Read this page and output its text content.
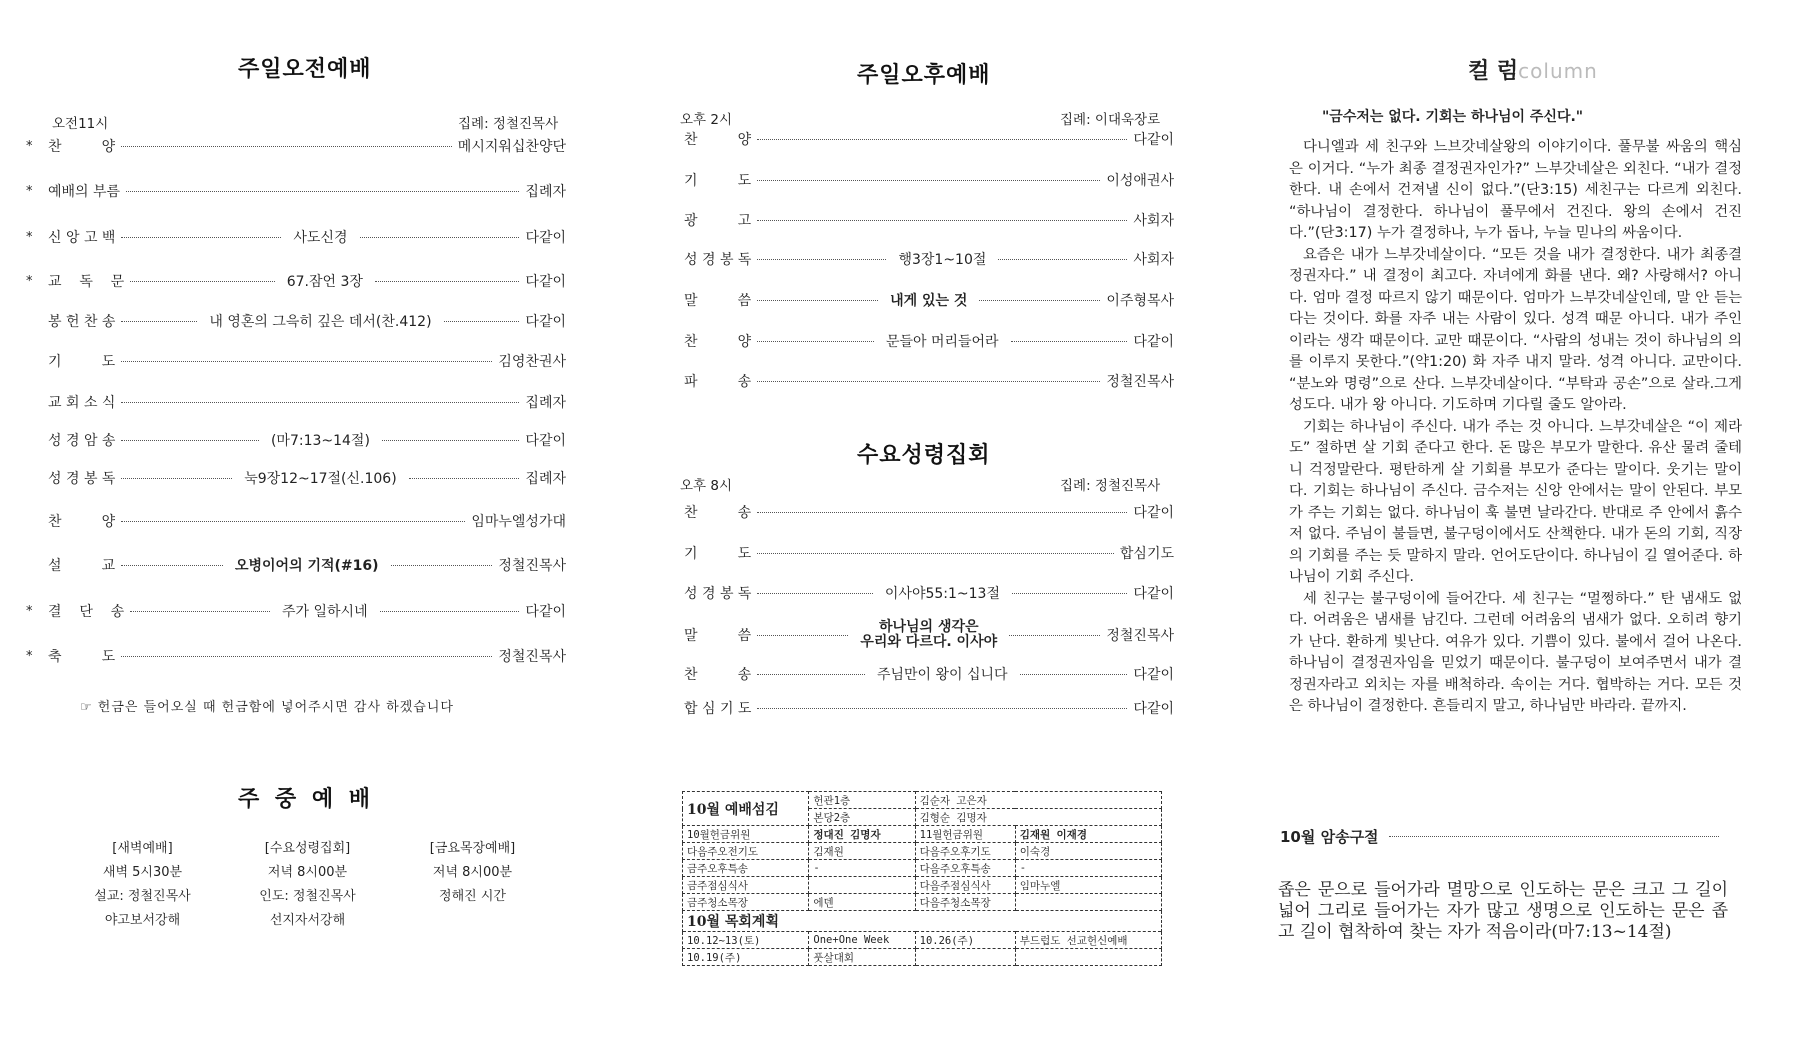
주일오전예배
오전11시	집례: 정철진목사
*	찬         양	메시지워십찬양단
*	예배의 부름	집례자
*	신 앙 고 백	사도신경	다같이
*	교    독    문	67.잠언 3장	다같이
봉 헌 찬 송	내 영혼의 그윽히 깊은 데서(찬.412)	다같이
기         도	김영찬권사
교 회 소 식	집례자
성 경 암 송	(마7:13~14절)	다같이
성 경 봉 독	눅9장12~17절(신.106)	집례자
찬         양	임마누엘성가대
설         교	오병이어의 기적(#16)	정철진목사
*	결    단    송	주가 일하시네	다같이
*	축         도	정철진목사
☞ 헌금은 들어오실 때 헌금함에 넣어주시면 감사 하겠습니다
주 중 예 배
[새벽예배]
새벽 5시30분
설교: 정철진목사
야고보서강해
[수요성령집회]
저녁 8시00분
인도: 정철진목사
선지자서강해
[금요목장예배]
저녁 8시00분
정해진 시간
주일오후예배
오후 2시	집례: 이대욱장로
찬         양	다같이
기         도	이성애권사
광         고	사회자
성 경 봉 독	행3장1~10절	사회자
말         씀	내게 있는 것	이주형목사
찬         양	문들아 머리들어라	다같이
파         송	정철진목사
수요성령집회
오후 8시	집례: 정철진목사
찬         송	다같이
기         도	합심기도
성 경 봉 독	이사야55:1~13절	다같이
말         씀
하나님의 생각은
우리와 다르다. 이사야	정철진목사
찬         송	주님만이 왕이 십니다	다같이
합 심 기 도	다같이
10월 예배섬김	헌관1층	김순자 고은자	
	본당2층	김형순 김명자	
10월헌금위원	정대진 김명자	11월헌금위원	김재원 이재경
다음주오전기도	김재원	다음주오후기도	이숙경
금주오후특송	-	다음주오후특송	-
금주점심식사		다음주점심식사	임마누엘
금주청소목장	에덴	다음주청소목장	
10월 목회계획			
10.12~13(토)	One+One Week	10.26(주)	부드럽도 선교헌신예배
10.19(주)	풋살대회		
컬 럼column
"금수저는 없다. 기회는 하나님이 주신다."

다니엘과 세 친구와 느브갓네살왕의 이야기이다. 풀무불 싸움의 핵심은 이거다. “누가 최종 결정권자인가?” 느부갓네살은 외친다. “내가 결정한다. 내 손에서 건져낼 신이 없다.”(단3:15) 세친구는 다르게 외친다. “하나님이 결정한다. 하나님이 풀무에서 건진다. 왕의 손에서 건진다.”(단3:17) 누가 결정하나, 누가 돕나, 누늘 믿나의 싸움이다.

요즘은 내가 느부갓네살이다. “모든 것을 내가 결정한다. 내가 최종결정권자다.” 내 결정이 최고다. 자녀에게 화를 낸다. 왜? 사랑해서? 아니다. 엄마 결정 따르지 않기 때문이다. 엄마가 느부갓네살인데, 말 안 듣는다는 것이다. 화를 자주 내는 사람이 있다. 성격 때문 아니다. 내가 주인이라는 생각 때문이다. 교만 때문이다. “사람의 성내는 것이 하나님의 의를 이루지 못한다.”(약1:20) 화 자주 내지 말라. 성격 아니다. 교만이다. “분노와 명령”으로 산다. 느부갓네살이다. “부탁과 공손”으로 살라.그게 성도다. 내가 왕 아니다. 기도하며 기다릴 줄도 알아라.

기회는 하나님이 주신다. 내가 주는 것 아니다. 느부갓네살은 “이 제라도” 절하면 살 기회 준다고 한다. 돈 많은 부모가 말한다. 유산 물려 줄테니 걱정말란다. 평탄하게 살 기회를 부모가 준다는 말이다. 웃기는 말이다. 기회는 하나님이 주신다. 금수저는 신앙 안에서는 말이 안된다. 부모가 주는 기회는 없다. 하나님이 훅 불면 날라간다. 반대로 주 안에서 흙수저 없다. 주님이 불들면, 불구덩이에서도 산책한다. 내가 돈의 기회, 직장의 기회를 주는 듯 말하지 말라. 언어도단이다. 하나님이 길 열어준다. 하나님이 기회 주신다.

세 친구는 불구덩이에 들어간다. 세 친구는 “멀쩡하다.” 탄 냄새도 없다. 어려움은 냄새를 남긴다. 그런데 어려움의 냄새가 없다. 오히려 향기가 난다. 환하게 빛난다. 여유가 있다. 기쁨이 있다. 불에서 걸어 나온다. 하나님이 결정권자임을 믿었기 때문이다. 불구덩이 보여주면서 내가 결정권자라고 외치는 자를 배척하라. 속이는 거다. 협박하는 거다. 모든 것은 하나님이 결정한다. 흔들리지 말고, 하나님만 바라라. 끝까지.

10월 암송구절
좁은 문으로 들어가라 멸망으로 인도하는 문은 크고 그 길이 넓어 그리로 들어가는 자가 많고 생명으로 인도하는 문은 좁고 길이 협착하여 찾는 자가 적음이라(마7:13~14절)
